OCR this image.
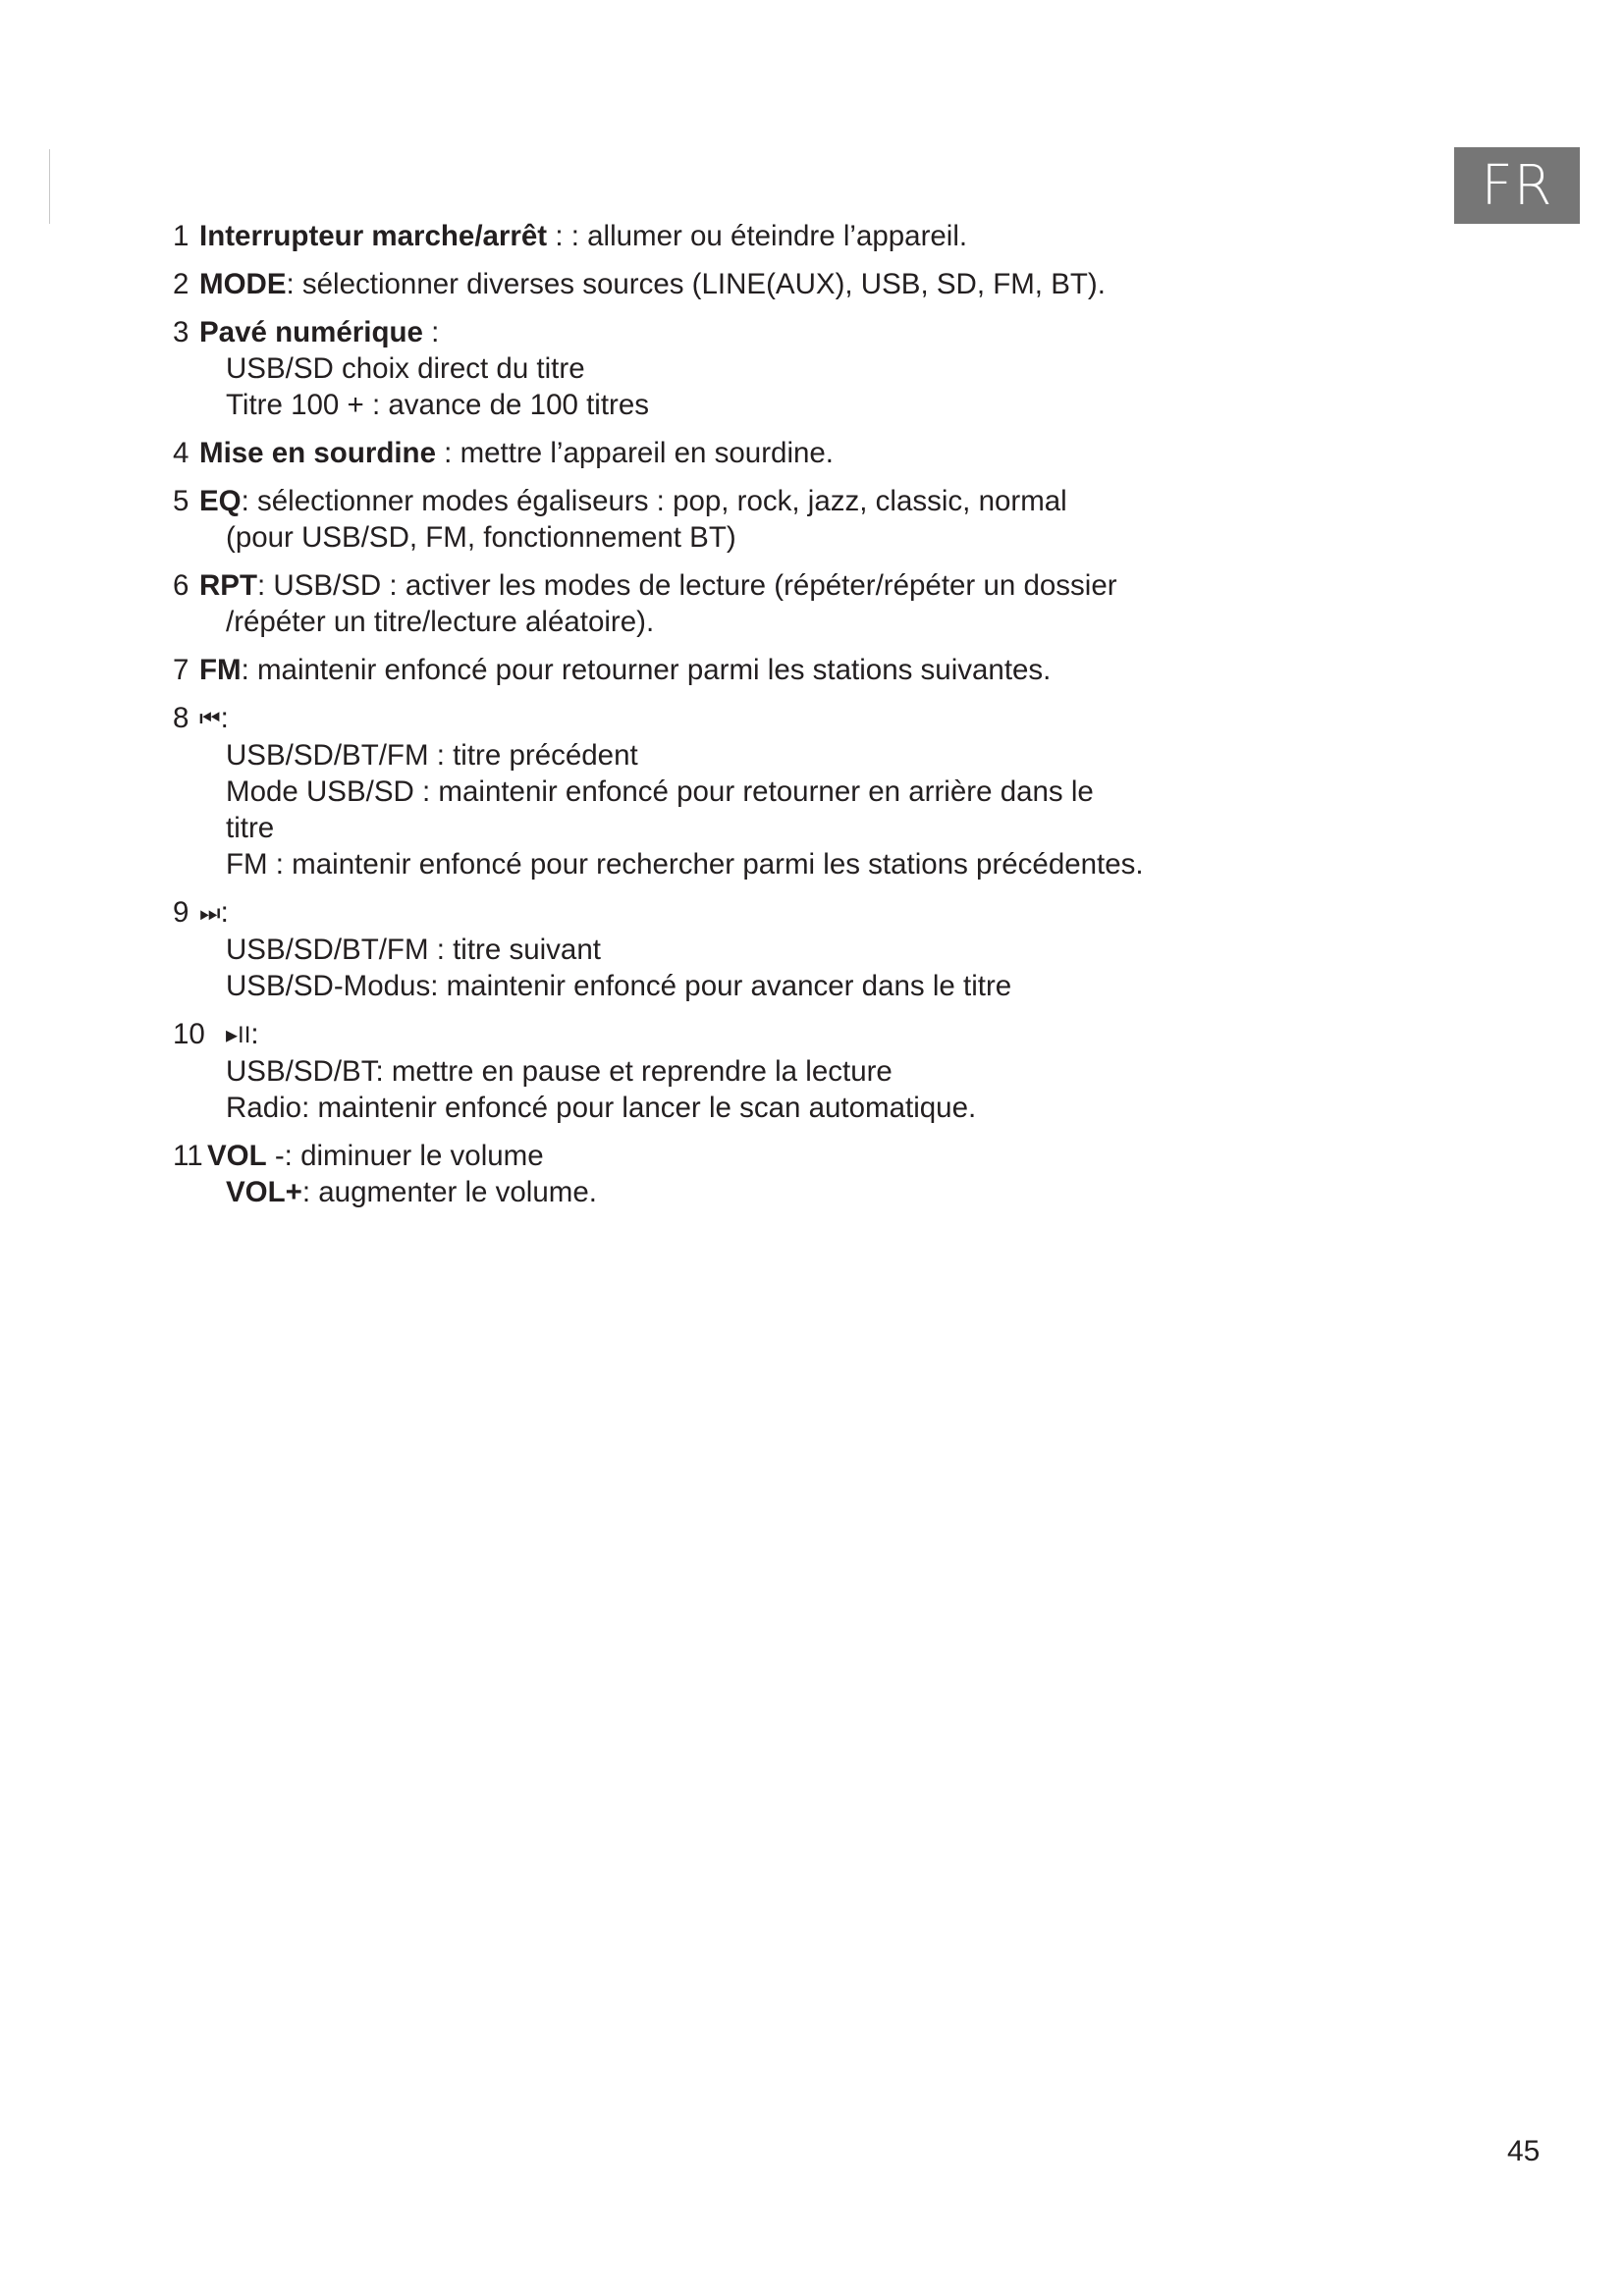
FR
1 Interrupteur marche/arrêt : : allumer ou éteindre l’appareil.
2 MODE: sélectionner diverses sources (LINE(AUX), USB, SD, FM, BT).
3 Pavé numérique :
USB/SD choix direct du titre
Titre 100 + : avance de 100 titres
4 Mise en sourdine : mettre l’appareil en sourdine.
5 EQ: sélectionner modes égaliseurs : pop, rock, jazz, classic, normal
(pour USB/SD, FM, fonctionnement BT)
6 RPT: USB/SD : activer les modes de lecture (répéter/répéter un dossier
/répéter un titre/lecture aléatoire).
7 FM: maintenir enfoncé pour retourner parmi les stations suivantes.
8 ⏮:
USB/SD/BT/FM : titre précédent
Mode USB/SD : maintenir enfoncé pour retourner en arrière dans le
titre
FM : maintenir enfoncé pour rechercher parmi les stations précédentes.
9 ⏭:
USB/SD/BT/FM : titre suivant
USB/SD-Modus: maintenir enfoncé pour avancer dans le titre
10 ▸II:
USB/SD/BT: mettre en pause et reprendre la lecture
Radio: maintenir enfoncé pour lancer le scan automatique.
11 VOL -: diminuer le volume
VOL+: augmenter le volume.
45
